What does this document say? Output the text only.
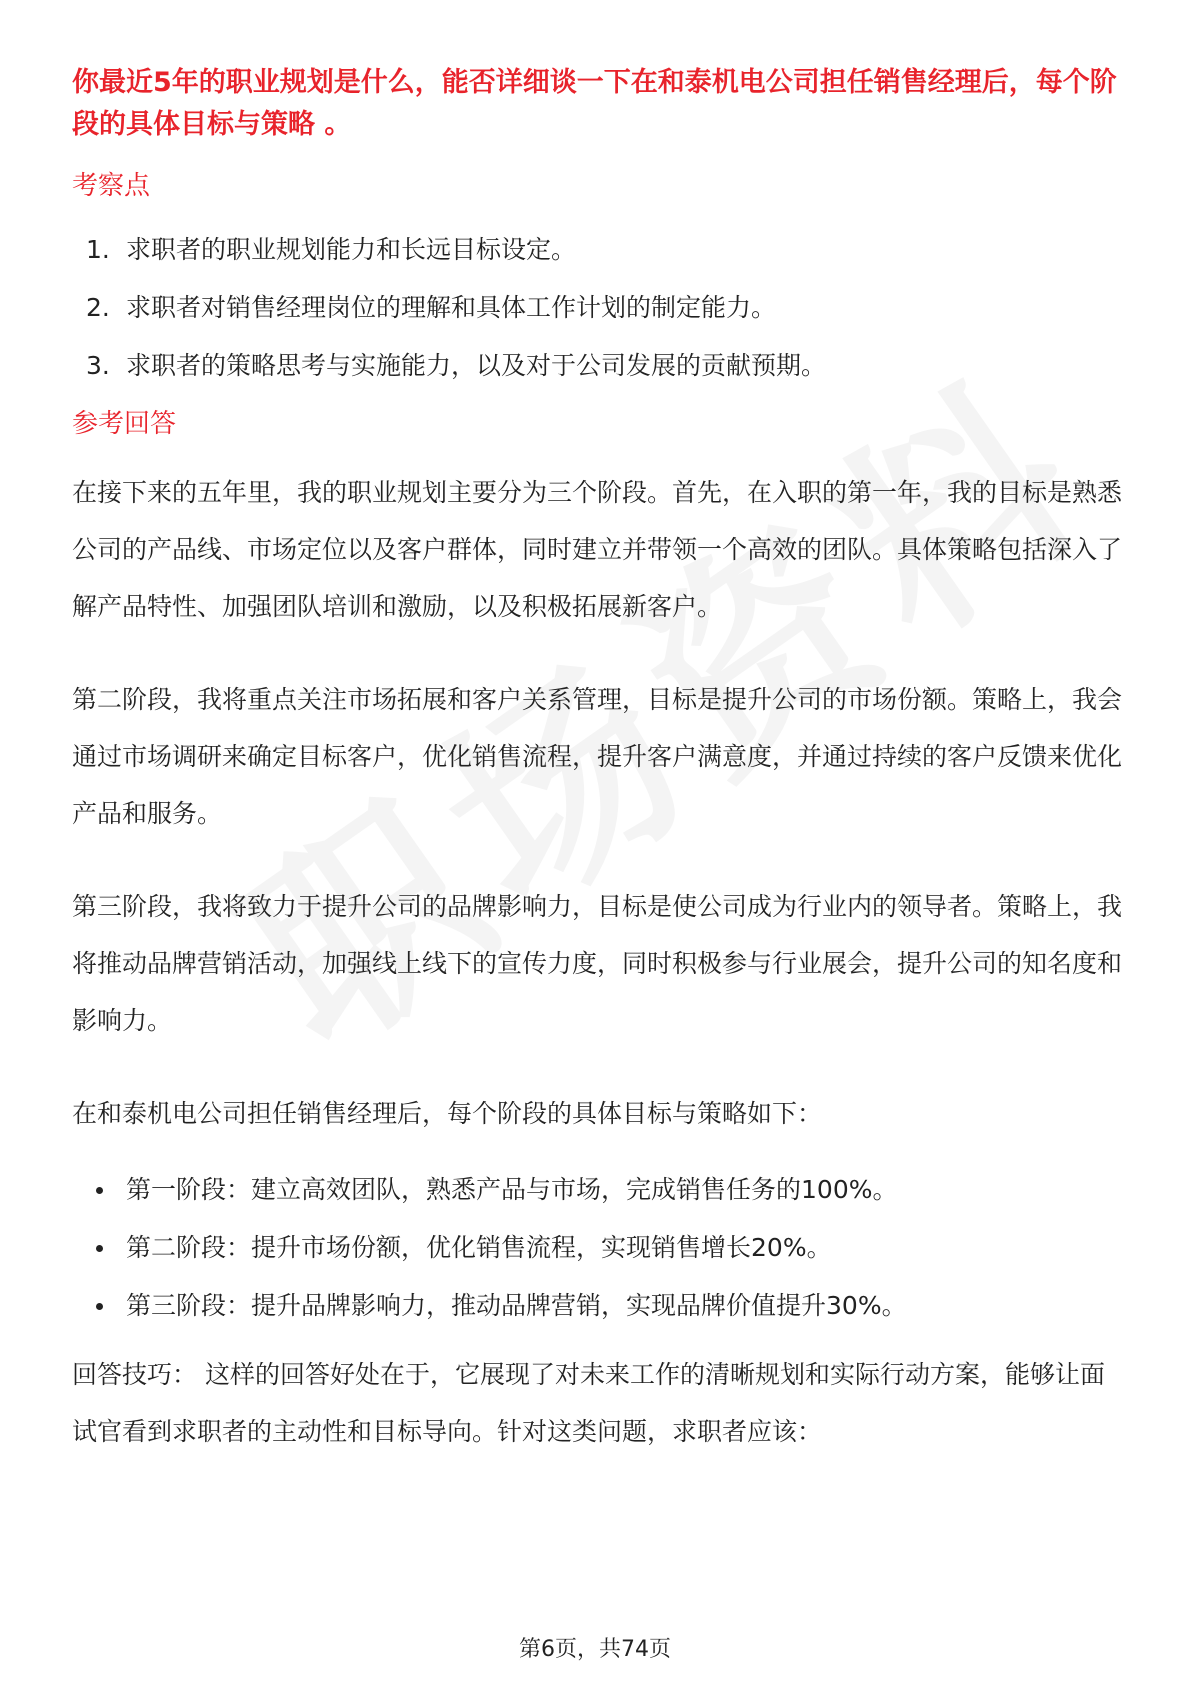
你最近5年的职业规划是什么，能否详细谈一下在和泰机电公司担任销售经理后，每个阶段的具体目标与策略 。

考察点
1. 求职者的职业规划能力和长远目标设定。
2. 求职者对销售经理岗位的理解和具体工作计划的制定能力。
3. 求职者的策略思考与实施能力，以及对于公司发展的贡献预期。
参考回答

在接下来的五年里，我的职业规划主要分为三个阶段。首先，在入职的第一年，我的目标是熟悉公司的产品线、市场定位以及客户群体，同时建立并带领一个高效的团队。具体策略包括深入了解产品特性、加强团队培训和激励，以及积极拓展新客户。

第二阶段，我将重点关注市场拓展和客户关系管理，目标是提升公司的市场份额。策略上，我会通过市场调研来确定目标客户，优化销售流程，提升客户满意度，并通过持续的客户反馈来优化产品和服务。

第三阶段，我将致力于提升公司的品牌影响力，目标是使公司成为行业内的领导者。策略上，我将推动品牌营销活动，加强线上线下的宣传力度，同时积极参与行业展会，提升公司的知名度和影响力。

在和泰机电公司担任销售经理后，每个阶段的具体目标与策略如下：

第一阶段：建立高效团队，熟悉产品与市场，完成销售任务的100%。
第二阶段：提升市场份额，优化销售流程，实现销售增长20%。
第三阶段：提升品牌影响力，推动品牌营销，实现品牌价值提升30%。

回答技巧： 这样的回答好处在于，它展现了对未来工作的清晰规划和实际行动方案，能够让面试官看到求职者的主动性和目标导向。针对这类问题，求职者应该：

第6页，共74页
